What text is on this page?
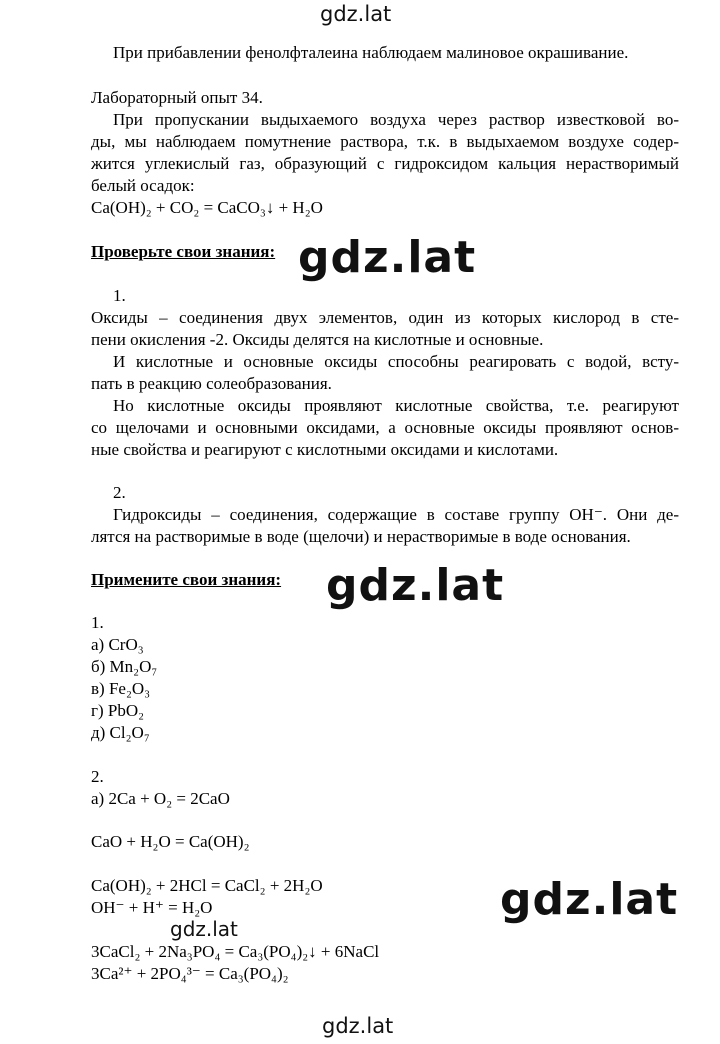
gdz.lat
gdz.lat
gdz.lat
gdz.lat
gdz.lat
gdz.lat
При прибавлении фенолфталеина наблюдаем малиновое окрашивание.
Лабораторный опыт 34.
При пропускании выдыхаемого воздуха через раствор известковой во-
ды, мы наблюдаем помутнение раствора, т.к. в выдыхаемом воздухе содер-
жится углекислый газ, образующий с гидроксидом кальция нерастворимый
белый осадок:
Ca(OH)₂ + CO₂ = CaCO₃↓ + H₂O
Проверьте свои знания:
1.
Оксиды – соединения двух элементов, один из которых кислород в сте-
пени окисления -2. Оксиды делятся на кислотные и основные.
И кислотные и основные оксиды способны реагировать с водой, всту-
пать в реакцию солеобразования.
Но кислотные оксиды проявляют кислотные свойства, т.е. реагируют
со щелочами и основными оксидами, а основные оксиды проявляют основ-
ные свойства и реагируют с кислотными оксидами и кислотами.
2.
Гидроксиды – соединения, содержащие в составе группу OH⁻. Они де-
лятся на растворимые в воде (щелочи) и нерастворимые в воде основания.
Примените свои знания:
1.
а) CrO₃
б) Mn₂O₇
в) Fe₂O₃
г) PbO₂
д) Cl₂O₇
2.
а) 2Ca + O₂ = 2CaO
CaO + H₂O = Ca(OH)₂
Ca(OH)₂ + 2HCl = CaCl₂ + 2H₂O
OH⁻ + H⁺ = H₂O
3CaCl₂ + 2Na₃PO₄ = Ca₃(PO₄)₂↓ + 6NaCl
3Ca²⁺ + 2PO₄³⁻ = Ca₃(PO₄)₂
